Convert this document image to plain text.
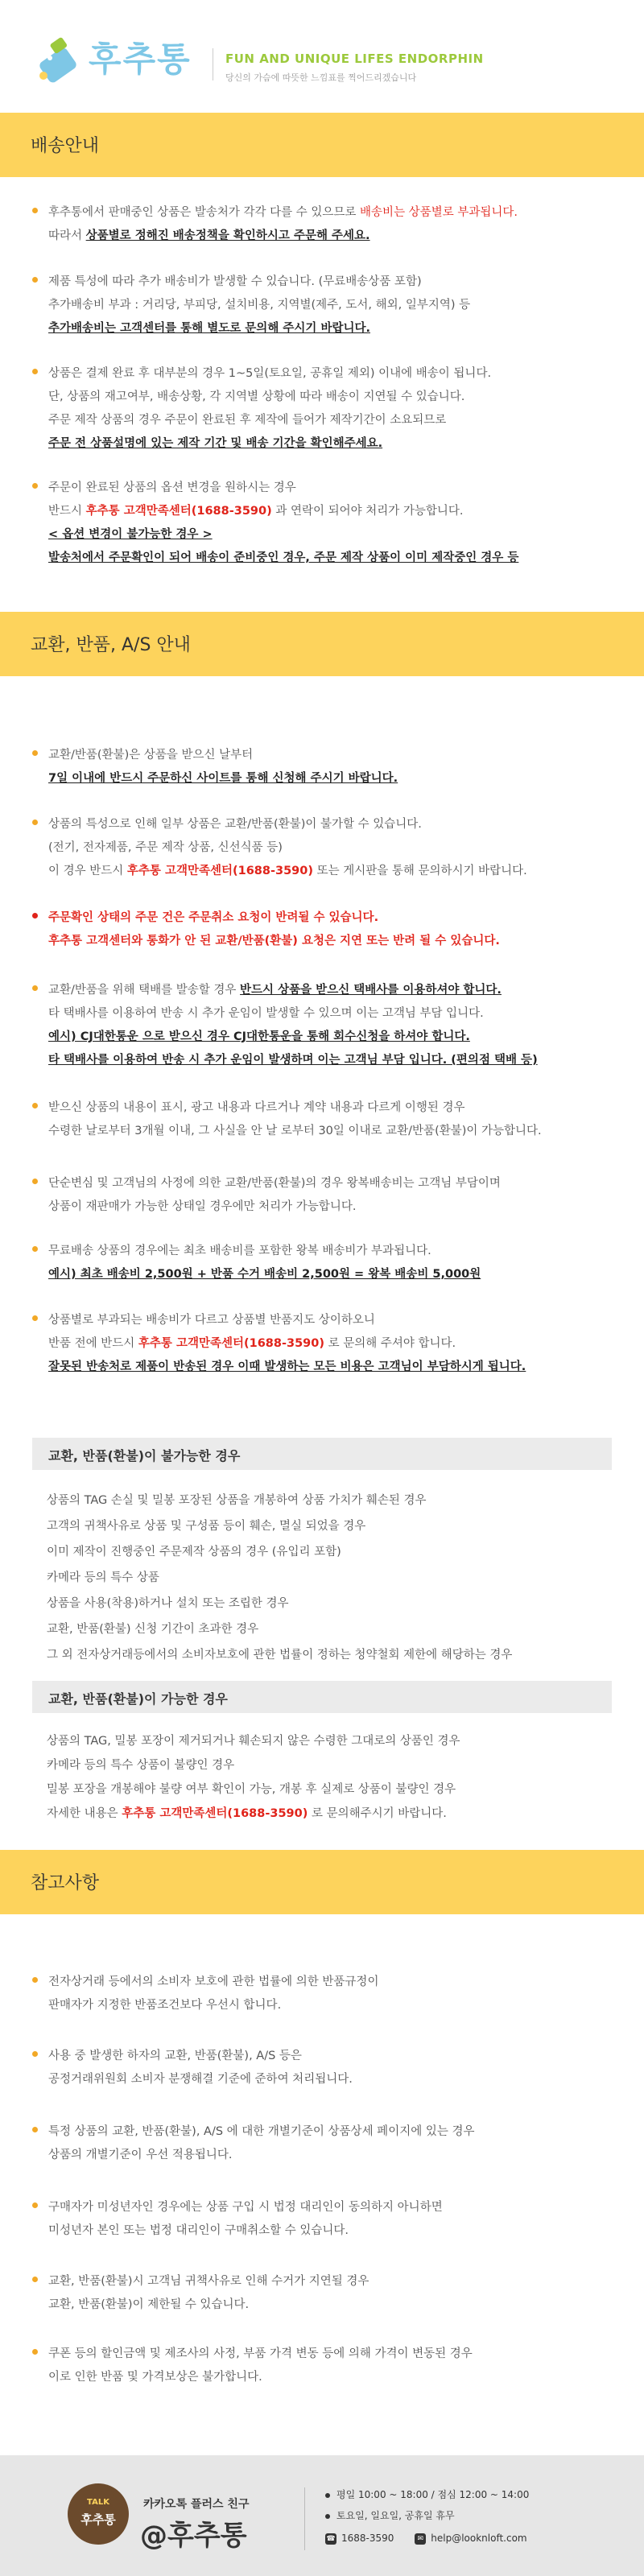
후추통	FUN AND UNIQUE LIFES ENDORPHIN
당신의 가슴에 따뜻한 느낌표를 찍어드리겠습니다
배송안내
후추통에서 판매중인 상품은 발송처가 각각 다를 수 있으므로 배송비는 상품별로 부과됩니다.
따라서 상품별로 정해진 배송정책을 확인하시고 주문해 주세요.
제품 특성에 따라 추가 배송비가 발생할 수 있습니다. (무료배송상품 포함)
추가배송비 부과 : 거리당, 부피당, 설치비용, 지역별(제주, 도서, 해외, 일부지역) 등
추가배송비는 고객센터를 통해 별도로 문의해 주시기 바랍니다.
상품은 결제 완료 후 대부분의 경우 1~5일(토요일, 공휴일 제외) 이내에 배송이 됩니다.
단, 상품의 재고여부, 배송상황, 각 지역별 상황에 따라 배송이 지연될 수 있습니다.
주문 제작 상품의 경우 주문이 완료된 후 제작에 들어가 제작기간이 소요되므로
주문 전 상품설명에 있는 제작 기간 및 배송 기간을 확인해주세요.
주문이 완료된 상품의 옵션 변경을 원하시는 경우
반드시 후추통 고객만족센터(1688-3590) 과 연락이 되어야 처리가 가능합니다.
< 옵션 변경이 불가능한 경우 >
발송처에서 주문확인이 되어 배송이 준비중인 경우, 주문 제작 상품이 이미 제작중인 경우 등
교환, 반품, A/S 안내
교환/반품(환불)은 상품을 받으신 날부터
7일 이내에 반드시 주문하신 사이트를 통해 신청해 주시기 바랍니다.
상품의 특성으로 인해 일부 상품은 교환/반품(환불)이 불가할 수 있습니다.
(전기, 전자제품, 주문 제작 상품, 신선식품 등)
이 경우 반드시 후추통 고객만족센터(1688-3590) 또는 게시판을 통해 문의하시기 바랍니다.
주문확인 상태의 주문 건은 주문취소 요청이 반려될 수 있습니다.
후추통 고객센터와 통화가 안 된 교환/반품(환불) 요청은 지연 또는 반려 될 수 있습니다.
교환/반품을 위해 택배를 발송할 경우 반드시 상품을 받으신 택배사를 이용하셔야 합니다.
타 택배사를 이용하여 반송 시 추가 운임이 발생할 수 있으며 이는 고객님 부담 입니다.
예시) CJ대한통운 으로 받으신 경우 CJ대한통운을 통해 회수신청을 하셔야 합니다.
타 택배사를 이용하여 반송 시 추가 운임이 발생하며 이는 고객님 부담 입니다. (편의점 택배 등)
받으신 상품의 내용이 표시, 광고 내용과 다르거나 계약 내용과 다르게 이행된 경우
수령한 날로부터 3개월 이내, 그 사실을 안 날 로부터 30일 이내로 교환/반품(환불)이 가능합니다.
단순변심 및 고객님의 사정에 의한 교환/반품(환불)의 경우 왕복배송비는 고객님 부담이며
상품이 재판매가 가능한 상태일 경우에만 처리가 가능합니다.
무료배송 상품의 경우에는 최초 배송비를 포함한 왕복 배송비가 부과됩니다.
예시) 최초 배송비 2,500원 + 반품 수거 배송비 2,500원 = 왕복 배송비 5,000원
상품별로 부과되는 배송비가 다르고 상품별 반품지도 상이하오니
반품 전에 반드시 후추통 고객만족센터(1688-3590) 로 문의해 주셔야 합니다.
잘못된 반송처로 제품이 반송된 경우 이때 발생하는 모든 비용은 고객님이 부담하시게 됩니다.
교환, 반품(환불)이 불가능한 경우
상품의 TAG 손실 및 밀봉 포장된 상품을 개봉하여 상품 가치가 훼손된 경우
고객의 귀책사유로 상품 및 구성품 등이 훼손, 멸실 되었을 경우
이미 제작이 진행중인 주문제작 상품의 경우 (유입리 포함)
카메라 등의 특수 상품
상품을 사용(착용)하거나 설치 또는 조립한 경우
교환, 반품(환불) 신청 기간이 초과한 경우
그 외 전자상거래등에서의 소비자보호에 관한 법률이 정하는 청약철회 제한에 해당하는 경우
교환, 반품(환불)이 가능한 경우
상품의 TAG, 밀봉 포장이 제거되거나 훼손되지 않은 수령한 그대로의 상품인 경우
카메라 등의 특수 상품이 불량인 경우
밀봉 포장을 개봉해야 불량 여부 확인이 가능, 개봉 후 실제로 상품이 불량인 경우
자세한 내용은 후추통 고객만족센터(1688-3590) 로 문의해주시기 바랍니다.
참고사항
전자상거래 등에서의 소비자 보호에 관한 법률에 의한 반품규정이
판매자가 지정한 반품조건보다 우선시 합니다.
사용 중 발생한 하자의 교환, 반품(환불), A/S 등은
공정거래위원회 소비자 분쟁해결 기준에 준하여 처리됩니다.
특정 상품의 교환, 반품(환불), A/S 에 대한 개별기준이 상품상세 페이지에 있는 경우
상품의 개별기준이 우선 적용됩니다.
구매자가 미성년자인 경우에는 상품 구입 시 법정 대리인이 동의하지 아니하면
미성년자 본인 또는 법정 대리인이 구매취소할 수 있습니다.
교환, 반품(환불)시 고객님 귀책사유로 인해 수거가 지연될 경우
교환, 반품(환불)이 제한될 수 있습니다.
쿠폰 등의 할인금액 및 제조사의 사정, 부품 가격 변동 등에 의해 가격이 변동된 경우
이로 인한 반품 및 가격보상은 불가합니다.
TALK
후추통
카카오톡 플러스 친구
@후추통
평일 10:00 ~ 18:00 / 점심 12:00 ~ 14:00
토요일, 일요일, 공휴일 휴무
☎ 1688-3590	✉ help@looknloft.com
